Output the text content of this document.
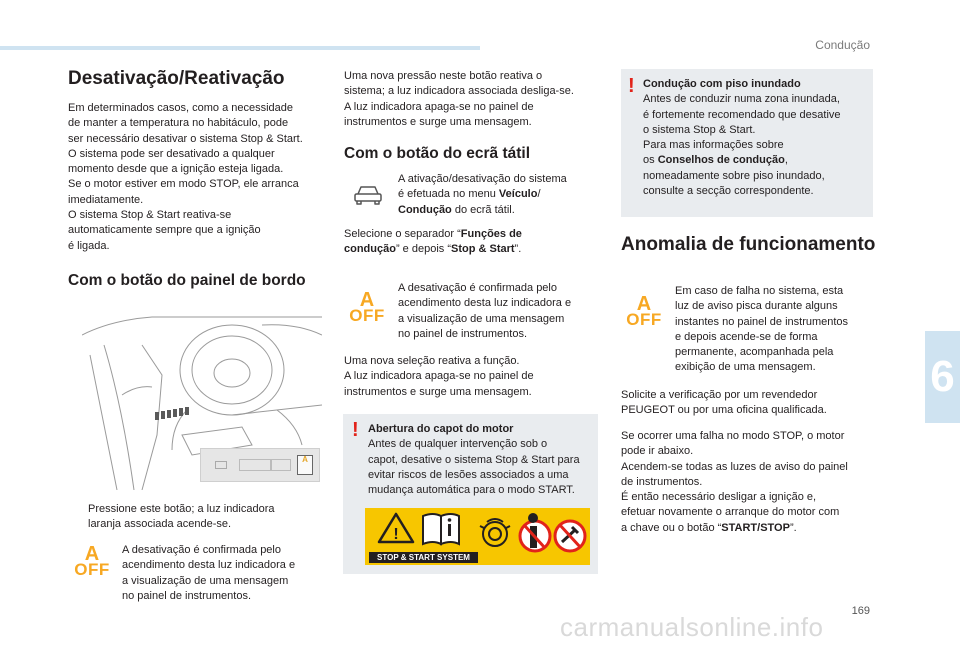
Condução
6
169
carmanualsonline.info
Desativação/Reativação
Em determinados casos, como a necessidade
de manter a temperatura no habitáculo, pode
ser necessário desativar o sistema Stop & Start.
O sistema pode ser desativado a qualquer
momento desde que a ignição esteja ligada.
Se o motor estiver em modo STOP, ele arranca
imediatamente.
O sistema Stop & Start reativa-se
automaticamente sempre que a ignição
é ligada.
Com o botão do painel de bordo
A
Pressione este botão; a luz indicadora
laranja associada acende-se.
A
OFF
A desativação é confirmada pelo
acendimento desta luz indicadora e
a visualização de uma mensagem
no painel de instrumentos.
Uma nova pressão neste botão reativa o
sistema; a luz indicadora associada desliga-se.
A luz indicadora apaga-se no painel de
instrumentos e surge uma mensagem.
Com o botão do ecrã tátil
A ativação/desativação do sistema
é efetuada no menu Veículo/
Condução do ecrã tátil.
Selecione o separador “Funções de
condução” e depois “Stop & Start”.
A
OFF
A desativação é confirmada pelo
acendimento desta luz indicadora e
a visualização de uma mensagem
no painel de instrumentos.
Uma nova seleção reativa a função.
A luz indicadora apaga-se no painel de
instrumentos e surge uma mensagem.
! Abertura do capot do motor
Antes de qualquer intervenção sob o
capot, desative o sistema Stop & Start para
evitar riscos de lesões associados a uma
mudança automática para o modo START.
!
STOP & START SYSTEM
! Condução com piso inundado
Antes de conduzir numa zona inundada,
é fortemente recomendado que desative
o sistema Stop & Start.
Para mas informações sobre
os Conselhos de condução,
nomeadamente sobre piso inundado,
consulte a secção correspondente.
Anomalia de funcionamento
A
OFF
Em caso de falha no sistema, esta
luz de aviso pisca durante alguns
instantes no painel de instrumentos
e depois acende-se de forma
permanente, acompanhada pela
exibição de uma mensagem.
Solicite a verificação por um revendedor
PEUGEOT ou por uma oficina qualificada.
Se ocorrer uma falha no modo STOP, o motor
pode ir abaixo.
Acendem-se todas as luzes de aviso do painel
de instrumentos.
É então necessário desligar a ignição e,
efetuar novamente o arranque do motor com
a chave ou o botão “START/STOP”.
